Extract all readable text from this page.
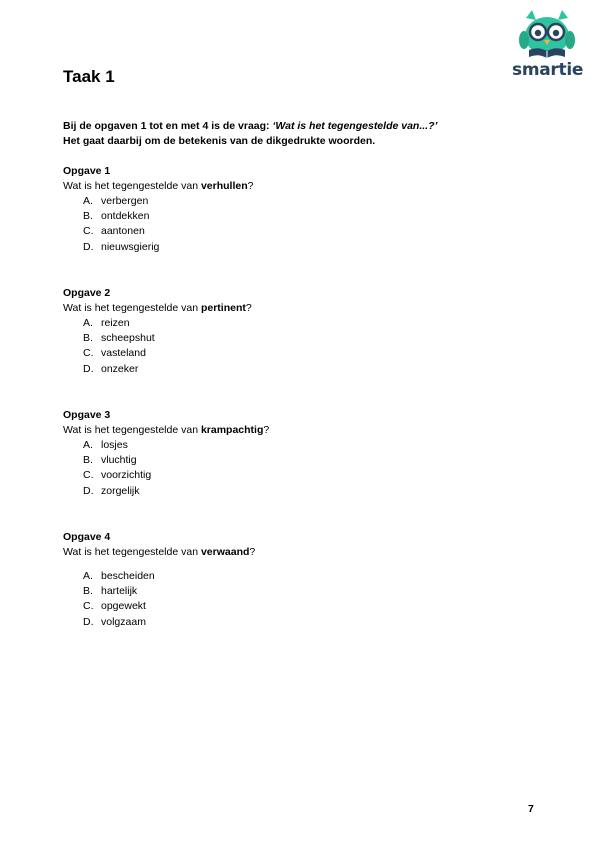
smartie
Taak 1
Bij de opgaven 1 tot en met 4 is de vraag: ‘Wat is het tegengestelde van...?’
Het gaat daarbij om de betekenis van de dikgedrukte woorden.
Opgave 1
Wat is het tegengestelde van verhullen?
A. verbergen
B. ontdekken
C. aantonen
D. nieuwsgierig
Opgave 2
Wat is het tegengestelde van pertinent?
A. reizen
B. scheepshut
C. vasteland
D. onzeker
Opgave 3
Wat is het tegengestelde van krampachtig?
A. losjes
B. vluchtig
C. voorzichtig
D. zorgelijk
Opgave 4
Wat is het tegengestelde van verwaand?
A. bescheiden
B. hartelijk
C. opgewekt
D. volgzaam
7
